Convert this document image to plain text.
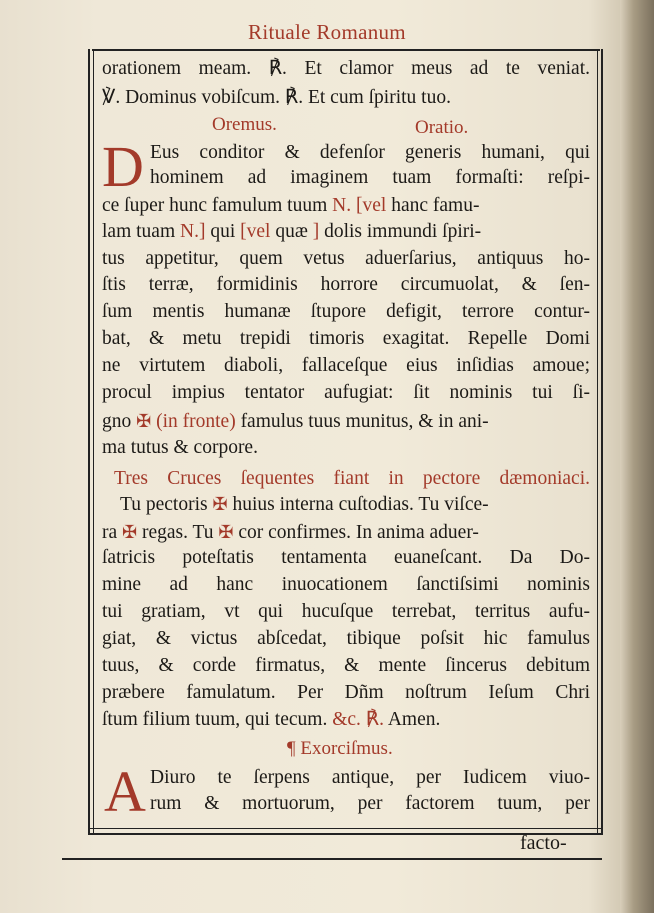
Rituale Romanum
orationem meam. ℟. Et clamor meus ad te veniat.
℣. Dominus vobiſcum. ℟. Et cum ſpiritu tuo.
Oremus.	Oratio.
D Eus conditor & defenſor generis humani, qui
hominem ad imaginem tuam formaſti: reſpi-
ce ſuper hunc famulum tuum N. [vel hanc famu-
lam tuam N.] qui [vel quæ ] dolis immundi ſpiri-
tus appetitur, quem vetus aduerſarius, antiquus ho-
ſtis terræ, formidinis horrore circumuolat, & ſen-
ſum mentis humanæ ſtupore defigit, terrore contur-
bat, & metu trepidi timoris exagitat. Repelle Domi
ne virtutem diaboli, fallaceſque eius inſidias amoue;
procul impius tentator aufugiat: ſit nominis tui ſi-
gno ✠ (in fronte) famulus tuus munitus, & in ani-
ma tutus & corpore.
Tres Cruces ſequentes fiant in pectore dæmoniaci.
Tu pectoris ✠ huius interna cuſtodias. Tu viſce-
ra ✠ regas. Tu ✠ cor confirmes. In anima aduer-
ſatricis poteſtatis tentamenta euaneſcant. Da Do-
mine ad hanc inuocationem ſanctiſsimi nominis
tui gratiam, vt qui hucuſque terrebat, territus aufu-
giat, & victus abſcedat, tibique poſsit hic famulus
tuus, & corde firmatus, & mente ſincerus debitum
præbere famulatum. Per Dñm noſtrum Ieſum Chri
ſtum filium tuum, qui tecum. &c. ℟. Amen.
¶ Exorciſmus.
A Diuro te ſerpens antique, per Iudicem viuo-
rum & mortuorum, per factorem tuum, per
facto-
